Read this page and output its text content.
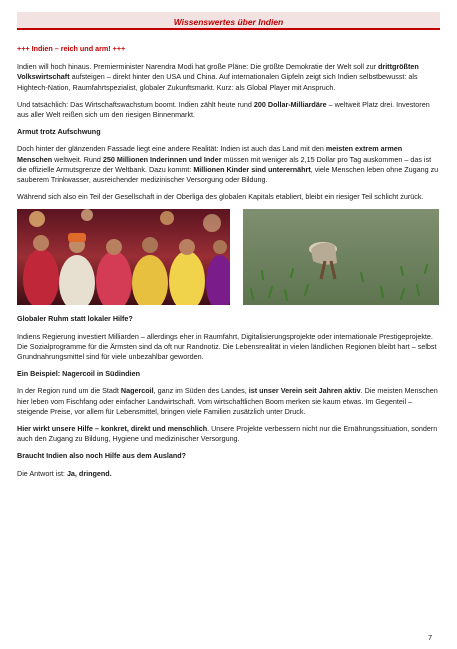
Wissenswertes über Indien

+++ Indien – reich und arm! +++

Indien will hoch hinaus. Premierminister Narendra Modi hat große Pläne: Die größte Demokratie der Welt soll zur drittgrößten Volkswirtschaft aufsteigen – direkt hinter den USA und China. Auf internationalen Gipfeln zeigt sich Indien selbstbewusst: als Hightech-Nation, Raumfahrtspezialist, globaler Zukunftsmarkt. Kurz: als Global Player mit Anspruch.

Und tatsächlich: Das Wirtschaftswachstum boomt. Indien zählt heute rund 200 Dollar-Milliardäre – weltweit Platz drei. Investoren aus aller Welt reißen sich um den riesigen Binnenmarkt.

Armut trotz Aufschwung

Doch hinter der glänzenden Fassade liegt eine andere Realität: Indien ist auch das Land mit den meisten extrem armen Menschen weltweit. Rund 250 Millionen Inderinnen und Inder müssen mit weniger als 2,15 Dollar pro Tag auskommen – das ist die offizielle Armutsgrenze der Weltbank. Dazu kommt: Millionen Kinder sind unterernährt, viele Menschen leben ohne Zugang zu sauberem Trinkwasser, ausreichender medizinischer Versorgung oder Bildung.

Während sich also ein Teil der Gesellschaft in der Oberliga des globalen Kapitals etabliert, bleibt ein riesiger Teil schlicht zurück.

Globaler Ruhm statt lokaler Hilfe?

Indiens Regierung investiert Milliarden – allerdings eher in Raumfahrt, Digitalisierungsprojekte oder internationale Prestigeprojekte. Die Sozialprogramme für die Ärmsten sind da oft nur Randnotiz. Die Lebensrealität in vielen ländlichen Regionen bleibt hart – selbst Grundnahrungsmittel sind für viele unbezahlbar geworden.

Ein Beispiel: Nagercoil in Südindien

In der Region rund um die Stadt Nagercoil, ganz im Süden des Landes, ist unser Verein seit Jahren aktiv. Die meisten Menschen hier leben vom Fischfang oder einfacher Landwirtschaft. Vom wirtschaftlichen Boom merken sie kaum etwas. Im Gegenteil – steigende Preise, vor allem für Lebensmittel, bringen viele Familien zusätzlich unter Druck.

Hier wirkt unsere Hilfe – konkret, direkt und menschlich. Unsere Projekte verbessern nicht nur die Ernährungssituation, sondern auch den Zugang zu Bildung, Hygiene und medizinischer Versorgung.

Braucht Indien also noch Hilfe aus dem Ausland?

Die Antwort ist: Ja, dringend.

7
